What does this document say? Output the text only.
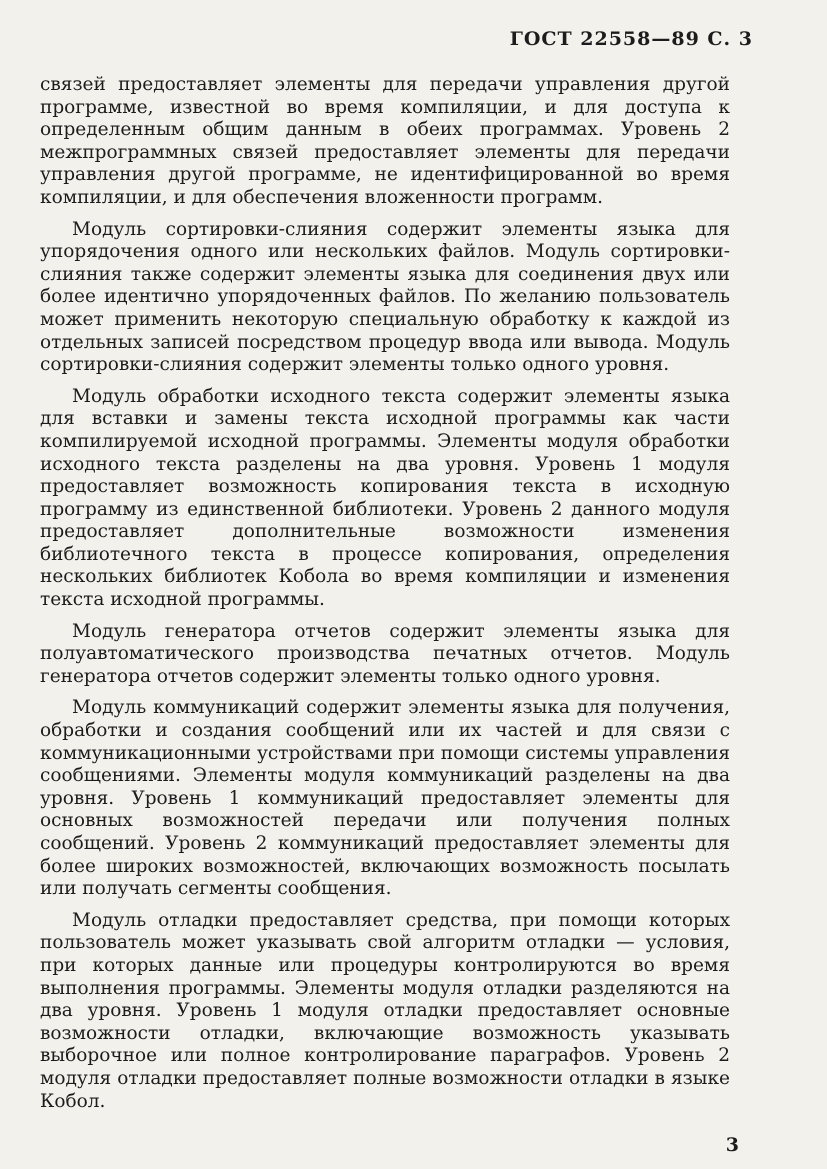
ГОСТ 22558—89 С. 3

связей предоставляет элементы для передачи управления другой программе, известной во время компиляции, и для доступа к определенным общим данным в обеих программах. Уровень 2 межпрограммных связей предоставляет элементы для передачи управления другой программе, не идентифицированной во время компиляции, и для обеспечения вложенности программ.

Модуль сортировки-слияния содержит элементы языка для упорядочения одного или нескольких файлов. Модуль сортировки-слияния также содержит элементы языка для соединения двух или более идентично упорядоченных файлов. По желанию пользователь может применить некоторую специальную обработку к каждой из отдельных записей посредством процедур ввода или вывода. Модуль сортировки-слияния содержит элементы только одного уровня.

Модуль обработки исходного текста содержит элементы языка для вставки и замены текста исходной программы как части компилируемой исходной программы. Элементы модуля обработки исходного текста разделены на два уровня. Уровень 1 модуля предоставляет возможность копирования текста в исходную программу из единственной библиотеки. Уровень 2 данного модуля предоставляет дополнительные возможности изменения библиотечного текста в процессе копирования, определения нескольких библиотек Кобола во время компиляции и изменения текста исходной программы.

Модуль генератора отчетов содержит элементы языка для полуавтоматического производства печатных отчетов. Модуль генератора отчетов содержит элементы только одного уровня.

Модуль коммуникаций содержит элементы языка для получения, обработки и создания сообщений или их частей и для связи с коммуникационными устройствами при помощи системы управления сообщениями. Элементы модуля коммуникаций разделены на два уровня. Уровень 1 коммуникаций предоставляет элементы для основных возможностей передачи или получения полных сообщений. Уровень 2 коммуникаций предоставляет элементы для более широких возможностей, включающих возможность посылать или получать сегменты сообщения.

Модуль отладки предоставляет средства, при помощи которых пользователь может указывать свой алгоритм отладки — условия, при которых данные или процедуры контролируются во время выполнения программы. Элементы модуля отладки разделяются на два уровня. Уровень 1 модуля отладки предоставляет основные возможности отладки, включающие возможность указывать выборочное или полное контролирование параграфов. Уровень 2 модуля отладки предоставляет полные возможности отладки в языке Кобол.

3
